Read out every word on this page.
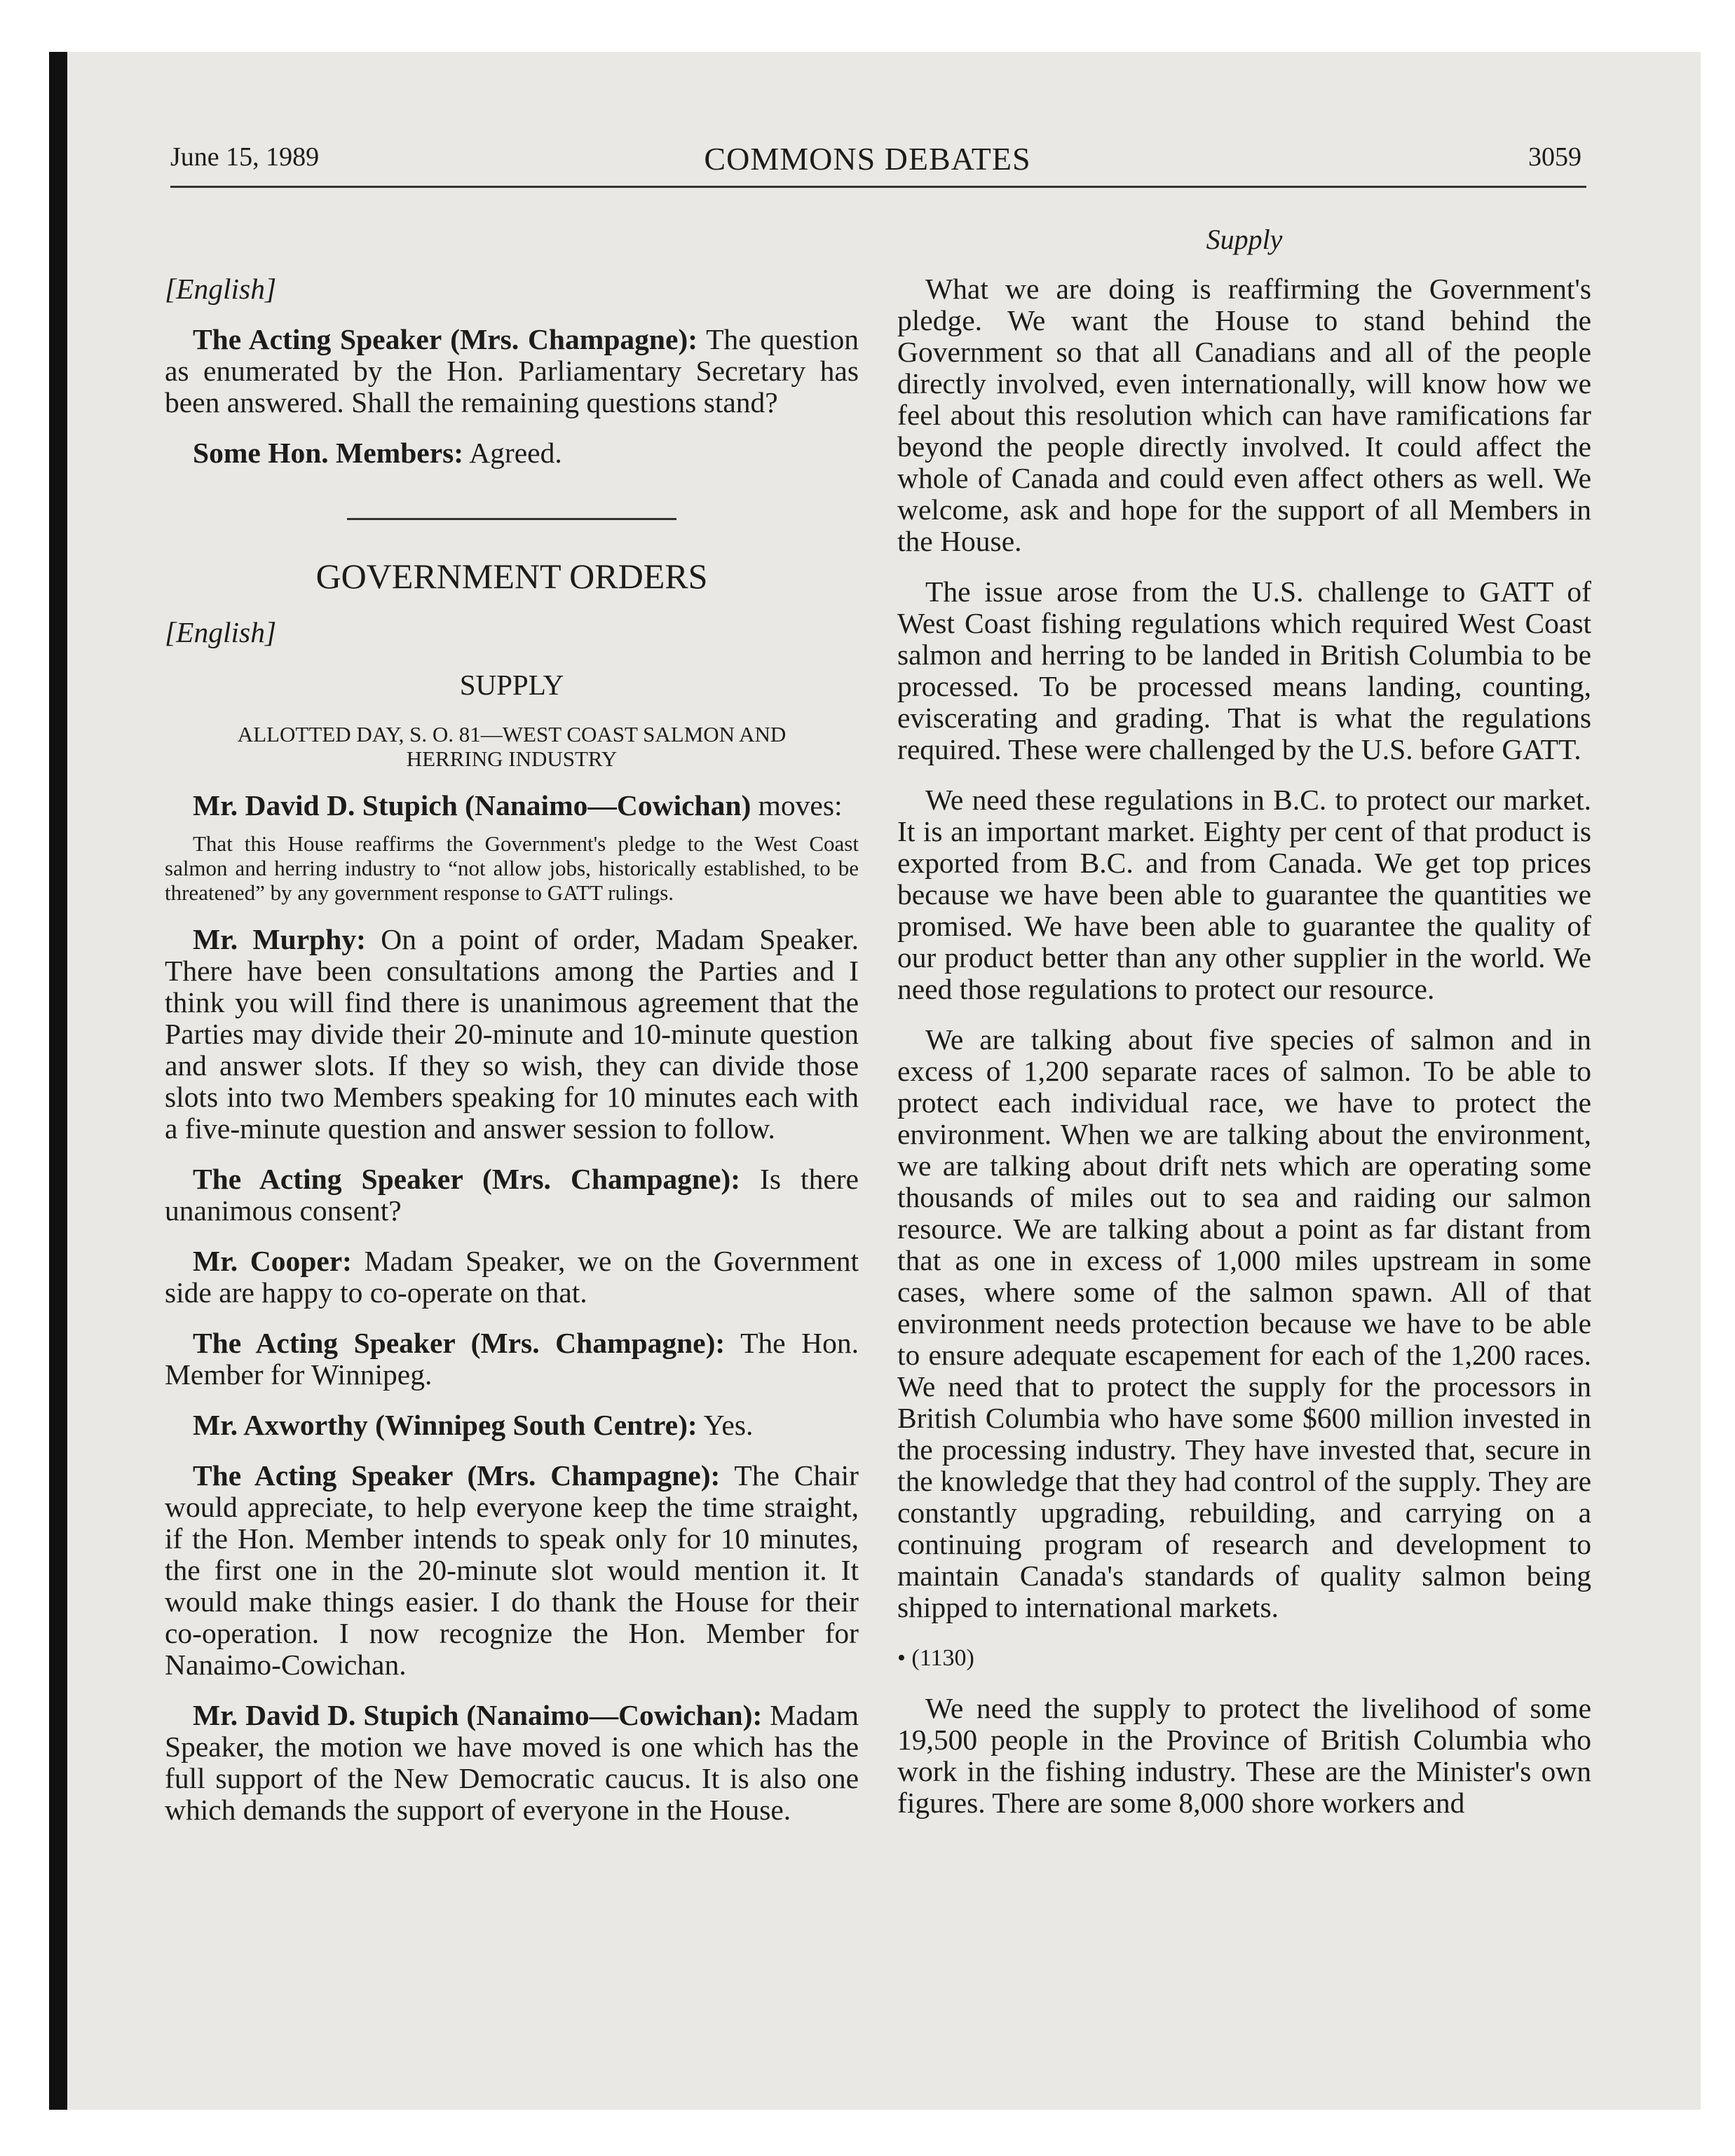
June 15, 1989	COMMONS DEBATES	3059
Supply

[English]

The Acting Speaker (Mrs. Champagne): The question as enumerated by the Hon. Parliamentary Secretary has been answered. Shall the remaining questions stand?

Some Hon. Members: Agreed.

GOVERNMENT ORDERS

[English]

SUPPLY

ALLOTTED DAY, S. O. 81—WEST COAST SALMON AND

HERRING INDUSTRY

Mr. David D. Stupich (Nanaimo—Cowichan) moves:

That this House reaffirms the Government's pledge to the West Coast salmon and herring industry to “not allow jobs, historically established, to be threatened” by any government response to GATT rulings.

Mr. Murphy: On a point of order, Madam Speaker. There have been consultations among the Parties and I think you will find there is unanimous agreement that the Parties may divide their 20-minute and 10-minute question and answer slots. If they so wish, they can divide those slots into two Members speaking for 10 minutes each with a five-minute question and answer session to follow.

The Acting Speaker (Mrs. Champagne): Is there unanimous consent?

Mr. Cooper: Madam Speaker, we on the Government side are happy to co-operate on that.

The Acting Speaker (Mrs. Champagne): The Hon. Member for Winnipeg.

Mr. Axworthy (Winnipeg South Centre): Yes.

The Acting Speaker (Mrs. Champagne): The Chair would appreciate, to help everyone keep the time straight, if the Hon. Member intends to speak only for 10 minutes, the first one in the 20-minute slot would mention it. It would make things easier. I do thank the House for their co-operation. I now recognize the Hon. Member for Nanaimo-Cowichan.

Mr. David D. Stupich (Nanaimo—Cowichan): Madam Speaker, the motion we have moved is one which has the full support of the New Democratic caucus. It is also one which demands the support of everyone in the House.

What we are doing is reaffirming the Government's pledge. We want the House to stand behind the Government so that all Canadians and all of the people directly involved, even internationally, will know how we feel about this resolution which can have ramifications far beyond the people directly involved. It could affect the whole of Canada and could even affect others as well. We welcome, ask and hope for the support of all Members in the House.

The issue arose from the U.S. challenge to GATT of West Coast fishing regulations which required West Coast salmon and herring to be landed in British Columbia to be processed. To be processed means landing, counting, eviscerating and grading. That is what the regulations required. These were challenged by the U.S. before GATT.

We need these regulations in B.C. to protect our market. It is an important market. Eighty per cent of that product is exported from B.C. and from Canada. We get top prices because we have been able to guarantee the quantities we promised. We have been able to guarantee the quality of our product better than any other supplier in the world. We need those regulations to protect our resource.

We are talking about five species of salmon and in excess of 1,200 separate races of salmon. To be able to protect each individual race, we have to protect the environment. When we are talking about the environment, we are talking about drift nets which are operating some thousands of miles out to sea and raiding our salmon resource. We are talking about a point as far distant from that as one in excess of 1,000 miles upstream in some cases, where some of the salmon spawn. All of that environment needs protection because we have to be able to ensure adequate escapement for each of the 1,200 races. We need that to protect the supply for the processors in British Columbia who have some $600 million invested in the processing industry. They have invested that, secure in the knowledge that they had control of the supply. They are constantly upgrading, rebuilding, and carrying on a continuing program of research and development to maintain Canada's standards of quality salmon being shipped to international markets.

• (1130)

We need the supply to protect the livelihood of some 19,500 people in the Province of British Columbia who work in the fishing industry. These are the Minister's own figures. There are some 8,000 shore workers and
